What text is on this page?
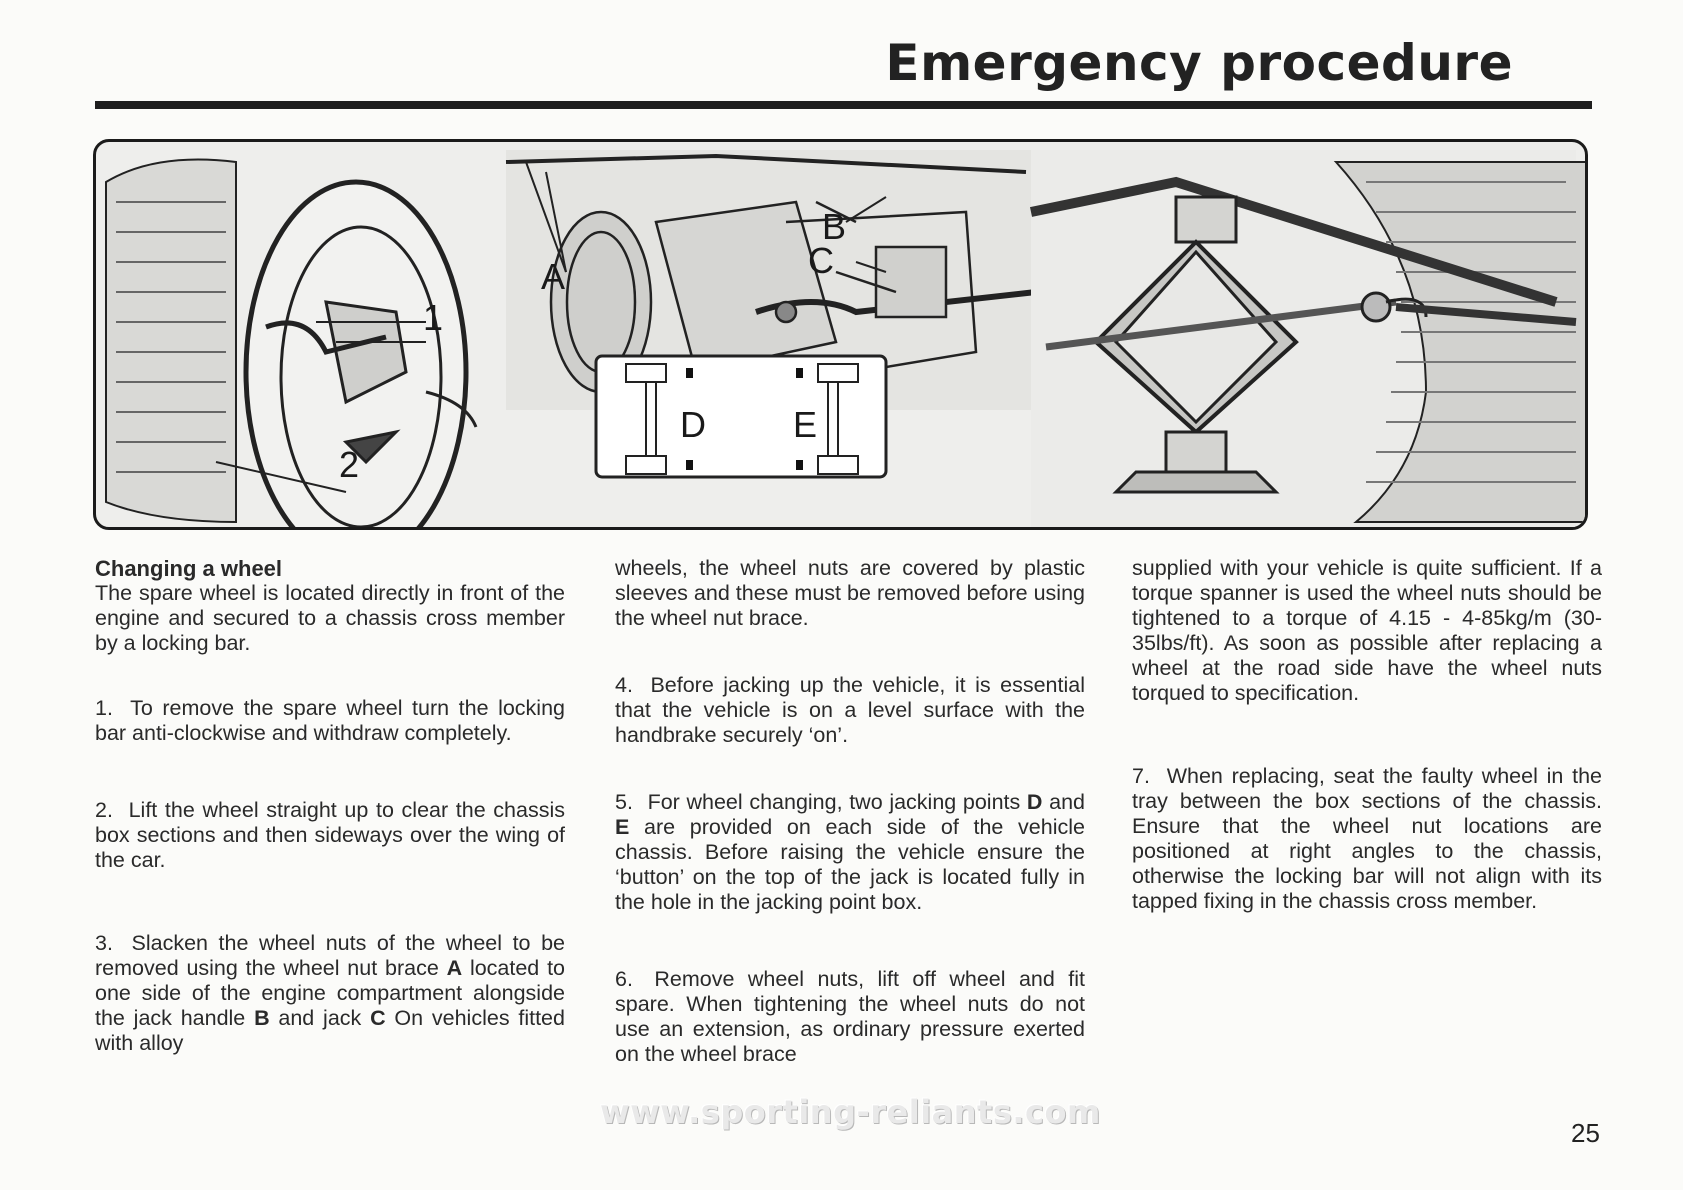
Emergency procedure
1
2
A
B
C
D E

Changing a wheel

The spare wheel is located directly in front of the engine and secured to a chassis cross member by a locking bar.

1. To remove the spare wheel turn the locking bar anti-clockwise and withdraw completely.

2. Lift the wheel straight up to clear the chassis box sections and then sideways over the wing of the car.

3. Slacken the wheel nuts of the wheel to be removed using the wheel nut brace A located to one side of the engine compartment alongside the jack handle B and jack C On vehicles fitted with alloy

wheels, the wheel nuts are covered by plastic sleeves and these must be removed before using the wheel nut brace.

4. Before jacking up the vehicle, it is essential that the vehicle is on a level surface with the handbrake securely ‘on’.

5. For wheel changing, two jacking points D and E are provided on each side of the vehicle chassis. Before raising the vehicle ensure the ‘button’ on the top of the jack is located fully in the hole in the jacking point box.

6. Remove wheel nuts, lift off wheel and fit spare. When tightening the wheel nuts do not use an extension, as ordinary pressure exerted on the wheel brace

supplied with your vehicle is quite sufficient. If a torque spanner is used the wheel nuts should be tightened to a torque of 4.15 - 4-85kg/m (30-35lbs/ft). As soon as possible after replacing a wheel at the road side have the wheel nuts torqued to specification.

7. When replacing, seat the faulty wheel in the tray between the box sections of the chassis. Ensure that the wheel nut locations are positioned at right angles to the chassis, otherwise the locking bar will not align with its tapped fixing in the chassis cross member.

www.sporting-reliants.com
25
